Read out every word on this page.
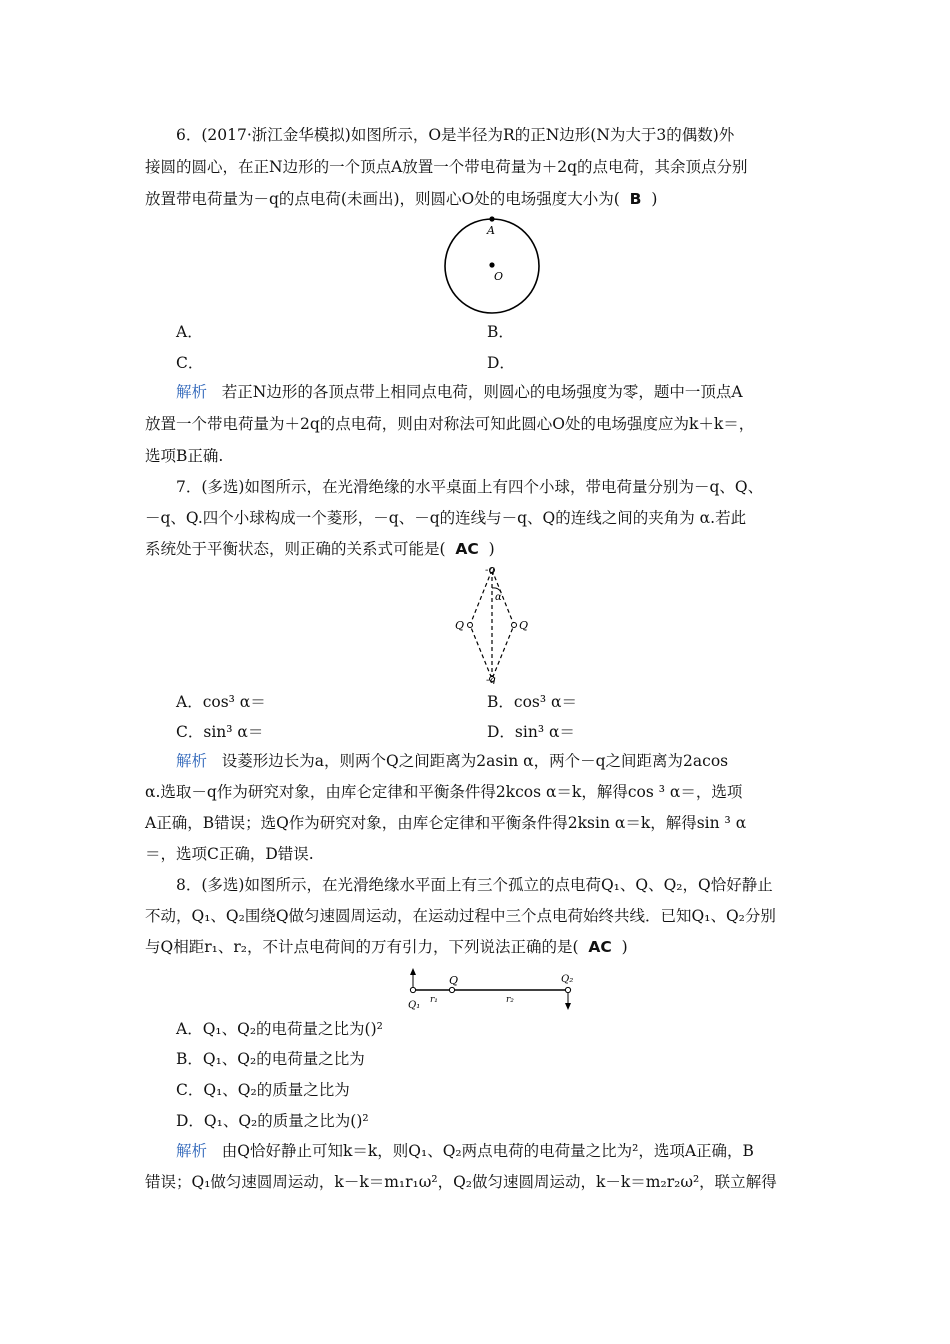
6．(2017·浙江金华模拟)如图所示，O是半径为R的正N边形(N为大于3的偶数)外
接圆的圆心，在正N边形的一个顶点A放置一个带电荷量为＋2q的点电荷，其余顶点分别
放置带电荷量为－q的点电荷(未画出)，则圆心O处的电场强度大小为( B )
A
O
A．	B．
C．	D．
解析 若正N边形的各顶点带上相同点电荷，则圆心的电场强度为零，题中一顶点A
放置一个带电荷量为＋2q的点电荷，则由对称法可知此圆心O处的电场强度应为k＋k＝，
选项B正确.
7．(多选)如图所示，在光滑绝缘的水平桌面上有四个小球，带电荷量分别为－q、Q、
－q、Q.四个小球构成一个菱形，－q、－q的连线与－q、Q的连线之间的夹角为 α.若此
系统处于平衡状态，则正确的关系式可能是( AC )
-q
-q
Q	Q
α
A．cos³ α＝	B．cos³ α＝
C．sin³ α＝	D．sin³ α＝
解析 设菱形边长为a，则两个Q之间距离为2asin α，两个－q之间距离为2acos
α.选取－q作为研究对象，由库仑定律和平衡条件得2kcos α＝k，解得cos ³ α＝，选项
A正确，B错误；选Q作为研究对象，由库仑定律和平衡条件得2ksin α＝k，解得sin ³ α
＝，选项C正确，D错误.
8．(多选)如图所示，在光滑绝缘水平面上有三个孤立的点电荷Q₁、Q、Q₂，Q恰好静止
不动，Q₁、Q₂围绕Q做匀速圆周运动，在运动过程中三个点电荷始终共线．已知Q₁、Q₂分别
与Q相距r₁、r₂，不计点电荷间的万有引力，下列说法正确的是( AC )
Q	Q₂
Q₁ r₁	r₂
A．Q₁、Q₂的电荷量之比为()²
B．Q₁、Q₂的电荷量之比为
C．Q₁、Q₂的质量之比为
D．Q₁、Q₂的质量之比为()²
解析 由Q恰好静止可知k＝k，则Q₁、Q₂两点电荷的电荷量之比为²，选项A正确，B
错误；Q₁做匀速圆周运动，k－k＝m₁r₁ω²，Q₂做匀速圆周运动，k－k＝m₂r₂ω²，联立解得
